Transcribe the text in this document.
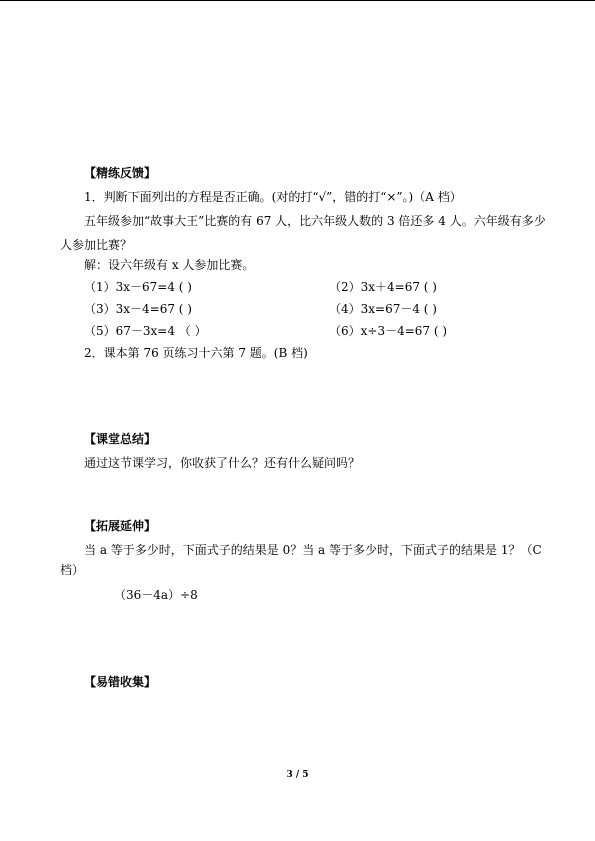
【精练反馈】
1．判断下面列出的方程是否正确。(对的打“√”，错的打“×”。)（A 档）
五年级参加“故事大王”比赛的有 67 人，比六年级人数的 3 倍还多 4 人。六年级有多少
人参加比赛？
解：设六年级有 x 人参加比赛。
（1）3x－67=4 ( )	（2）3x＋4=67 ( )
（3）3x－4=67 ( )	（4）3x=67－4 ( )
（5）67－3x=4 （ ）	（6）x÷3－4=67 ( )
2．课本第 76 页练习十六第 7 题。(B 档)
【课堂总结】
通过这节课学习，你收获了什么？还有什么疑问吗？
【拓展延伸】
当 a 等于多少时，下面式子的结果是 0？当 a 等于多少时，下面式子的结果是 1？（C
档）
（36－4a）÷8
【易错收集】
3 / 5
